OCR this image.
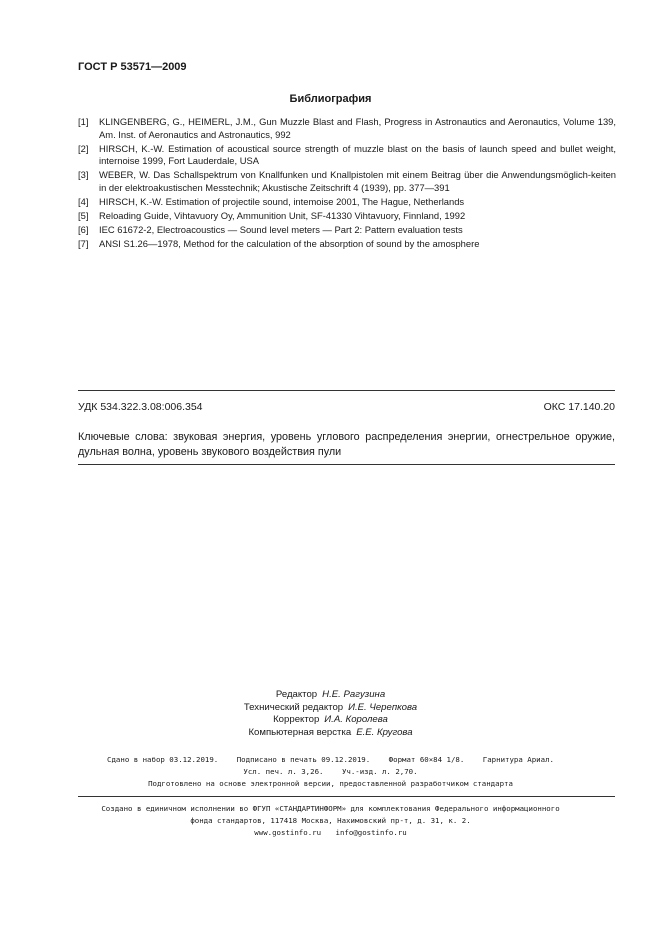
ГОСТ Р 53571—2009
Библиография
[1]	KLINGENBERG, G., HEIMERL, J.M., Gun Muzzle Blast and Flash, Progress in Astronautics and Aeronautics, Volume 139, Am. Inst. of Aeronautics and Astronautics, 992
[2]	HIRSCH, K.-W. Estimation of acoustical source strength of muzzle blast on the basis of launch speed and bullet weight, internoise 1999, Fort Lauderdale, USA
[3]	WEBER, W. Das Schallspektrum von Knallfunken und Knallpistolen mit einem Beitrag über die Anwendungsmöglich-keiten in der elektroakustischen Messtechnik; Akustische Zeitschrift 4 (1939), pp. 377—391
[4]	HIRSCH, K.-W. Estimation of projectile sound, intemoise 2001, The Hague, Netherlands
[5]	Reloading Guide, Vihtavuory Oy, Ammunition Unit, SF-41330 Vihtavuory, Finnland, 1992
[6]	IEC 61672-2, Electroacoustics — Sound level meters — Part 2: Pattern evaluation tests
[7]	ANSI S1.26—1978, Method for the calculation of the absorption of sound by the amosphere
УДК 534.322.3.08:006.354	ОКС 17.140.20
Ключевые слова: звуковая энергия, уровень углового распределения энергии, огнестрельное оружие, дульная волна, уровень звукового воздействия пули
Редактор Н.Е. Рагузина
Технический редактор И.Е. Черепкова
Корректор И.А. Королева
Компьютерная верстка Е.Е. Кругова
Сдано в набор 03.12.2019. Подписано в печать 09.12.2019. Формат 60×84 1/8. Гарнитура Ариал.
Усл. печ. л. 3,26. Уч.-изд. л. 2,70.
Подготовлено на основе электронной версии, предоставленной разработчиком стандарта
Создано в единичном исполнении во ФГУП «СТАНДАРТИНФОРМ» для комплектования Федерального информационного
фонда стандартов, 117418 Москва, Нахимовский пр-т, д. 31, к. 2.
www.gostinfo.ru info@gostinfo.ru
